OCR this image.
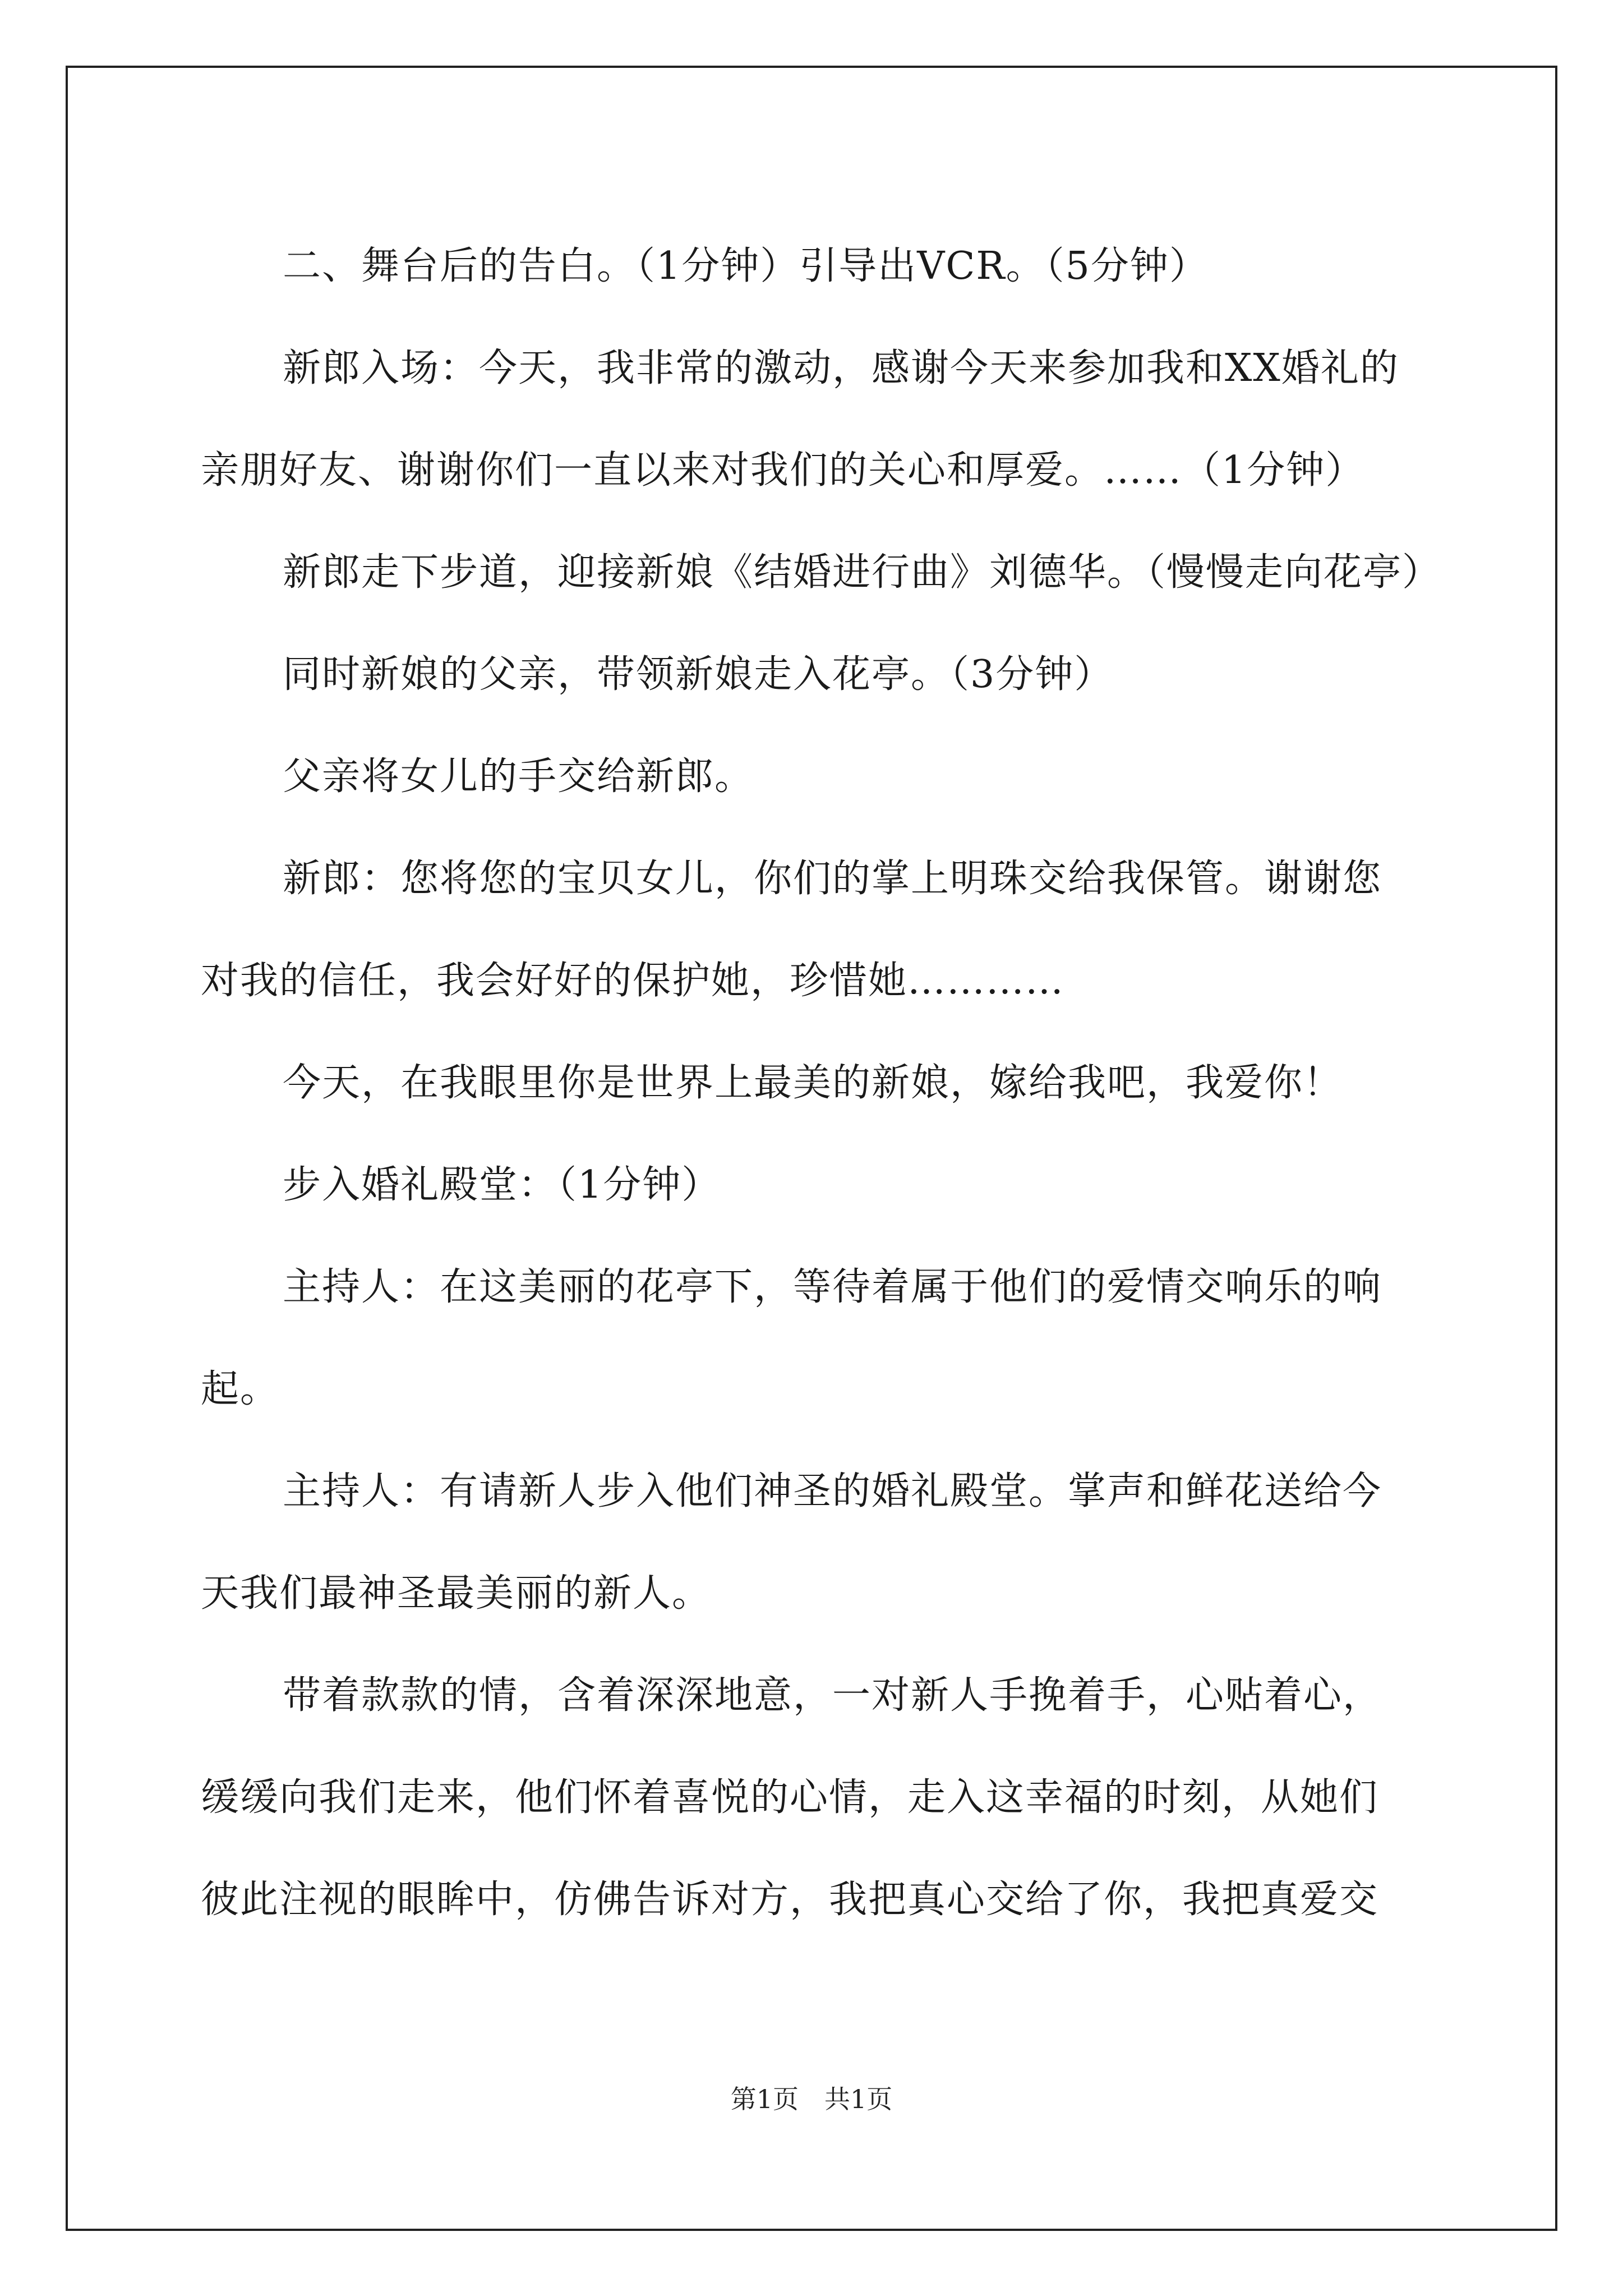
二、舞台后的告白。（1分钟）引导出VCR。（5分钟）

新郎入场：今天，我非常的激动，感谢今天来参加我和XX婚礼的

亲朋好友、谢谢你们一直以来对我们的关心和厚爱。……（1分钟）

新郎走下步道，迎接新娘《结婚进行曲》刘德华。（慢慢走向花亭）

同时新娘的父亲，带领新娘走入花亭。（3分钟）

父亲将女儿的手交给新郎。

新郎：您将您的宝贝女儿，你们的掌上明珠交给我保管。谢谢您

对我的信任，我会好好的保护她，珍惜她…………

今天，在我眼里你是世界上最美的新娘，嫁给我吧，我爱你！

步入婚礼殿堂：（1分钟）

主持人：在这美丽的花亭下，等待着属于他们的爱情交响乐的响

起。

主持人：有请新人步入他们神圣的婚礼殿堂。掌声和鲜花送给今

天我们最神圣最美丽的新人。

带着款款的情，含着深深地意，一对新人手挽着手，心贴着心，

缓缓向我们走来，他们怀着喜悦的心情，走入这幸福的时刻，从她们

彼此注视的眼眸中，仿佛告诉对方，我把真心交给了你，我把真爱交

第1页 共1页
